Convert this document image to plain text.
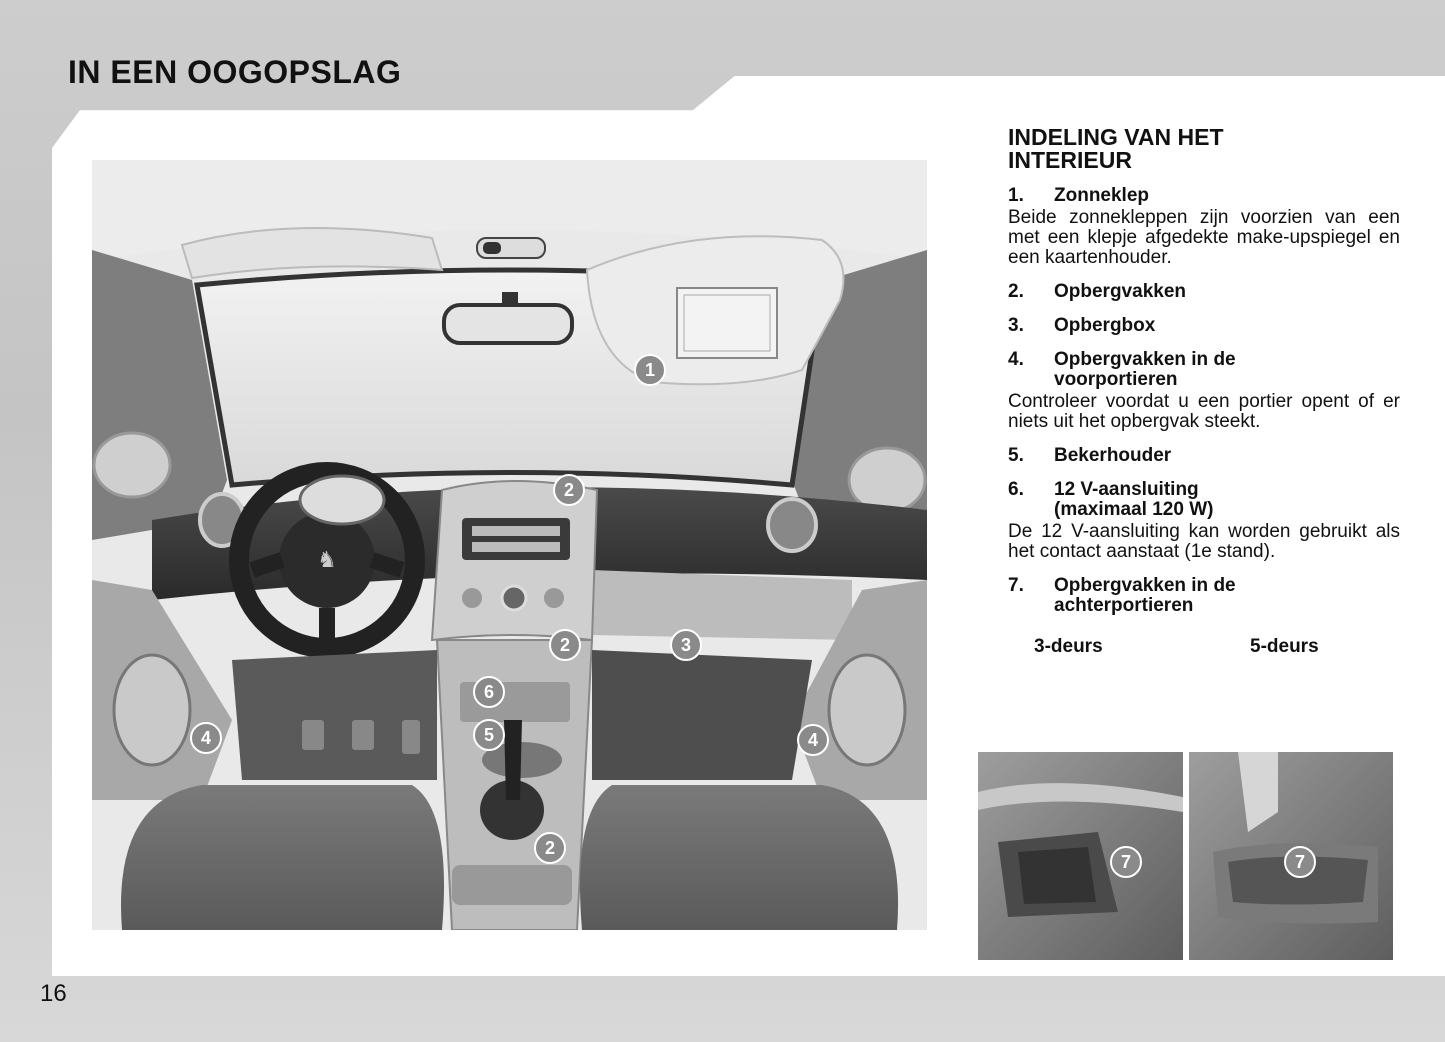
IN EEN OOGOPSLAG
♞
1
2
2
2
3
4	4
5
6
INDELING VAN HET
INTERIEUR
1.	Zonneklep
Beide zonnekleppen zijn voorzien van een met een klepje afgedekte make-upspiegel en een kaartenhouder.
2.	Opbergvakken
3.	Opbergbox
4.	Opbergvakken in de
voorportieren
Controleer voordat u een portier opent of er niets uit het opbergvak steekt.
5.	Bekerhouder
6.	12 V-aansluiting
(maximaal 120 W)
De 12 V-aansluiting kan worden gebruikt als het contact aanstaat (1e stand).
7.	Opbergvakken in de
achterportieren
3-deurs	5-deurs
7	7
16
